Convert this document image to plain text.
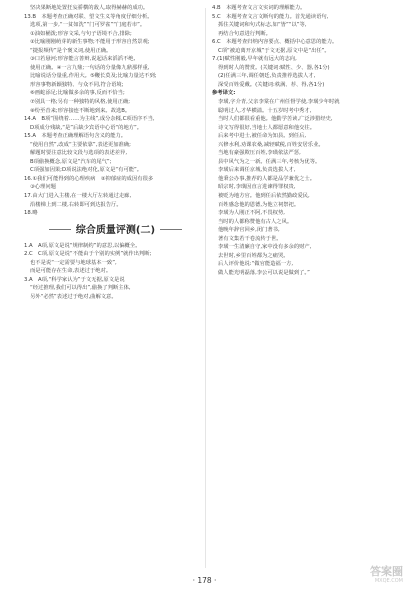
坚决果断地处置狂妄骄横的敌人,取得赫赫的成功。

13.B　本题考查正确对联、望文生义等角度仔细分析。

选项,第一步,“一贫如洗”“门可罗雀”“门庭若市”。

①油如桶泼;形容文采,与句子语境不合,排除;

②比喻刚刚萌芽的新生事物;不能用于形容自然景观;

“捷报频传”是个褒义词,使用正确。

③口若悬河;形容能言善辩,说起话来滔滔不绝,

使用正确。④一言九鼎;一句话的分量像九鼎那样重,

比喻说话分量重,作用大。⑤鞭长莫及;比喻力量达不到;

形容事物新颖独特、与众不同,符合语境;

⑥画蛇添足;比喻做多余的事,反而不恰当;

⑦别具一格;另有一种独特的风格,使用正确;

⑧纷至沓来;形容接连不断地到来。故选B。

14.A　B项“围绕着……为主线”,成分杂糅,C项语序不当,

D项成分残缺,“是”后缺少宾语中心语“的地方”。

15.A　本题考查正确理解语句含义的能力。

“使用自然”,改成“主要依靠”,表述更加准确;

解题时要注意比较文段与选项的表述差异,

B项偷换概念,原文是“汽车的尾气”;

C项强加因果;D项说法绝对化,原文是“有可能”。

16.①我们可能得到的心理疾病　②抑郁症的成因有很多

③心理问题

17.由大门进入主楼,在一楼大厅左转通过走廊,

沿楼梯上到二楼,右转即可到达报告厅。

18.略

综合质量评测(二)

1.A　A项,原文是说“规律制约”的意思,以偏概全。

2.C　C项,原文是说“不能由于个别的实例”就作出判断;

也不是说“一定需要与地球基本一致”,

而是可能存在生命,表述过于绝对。

3.A　A项,“科学家认为”于文无据,原文是说

“经过推理,我们可以得出”,偷换了判断主体,

另外“必然”表述过于绝对,曲解文意。

4.B　本题考查文言文实词的理解能力。

5.C　本题考查文言文断句的能力。首先通读语句,

抓住关键词和句式标志,如“皆”“以”等,

再结合句意进行判断。

6.C　本题考查归纳内容要点、概括中心意思的能力。

C项“被迫离开京城”于文无据,原文中是“出任”。

7.(1)赋性刚毅,早年就有远大的志向,

得到时人的赞赏。(关键词:赋性、少、器,各1分)

(2)任满三年,调任朝廷,负责推荐选拔人才,

深受百姓爱戴。(关键词:秩满、荐、得,各1分)

参考译文:

李璜,字介青,父亲李棠在广州任督学使,李璜少年时就

聪明过人,才华横溢。十五岁时考中秀才,

当时人们都很看重他。他勤学苦读,广泛涉猎经史,

诗文写得很好,当地士人都愿意和他交往。

后来考中进士,被任命为知县。到任后,

兴修水利,劝课农桑,减轻赋税,百姓安居乐业。

当地有豪强欺压百姓,李璜依法严惩,

县中风气为之一新。任满三年,考核为优等。

李璜后来调任京城,负责选拔人才,

他秉公办事,推荐的人都是品学兼优之士。

昭宗时,李璜因直言进谏得罪权贵,

被贬为地方官。他到任后依然勤政爱民,

百姓感念他的恩德,为他立祠祭祀。

李璜为人刚正不阿,不畏权势,

当时的人都称赞他有古人之风。

他晚年辞官回乡,闭门著书,

著有文集若干卷流传于世。

李璜一生清廉自守,家中没有多余的财产,

去世时,乡里百姓都为之痛哭。

后人评价他说:“做官能造福一方,

做人能光明磊落,李公可以说是做到了。”

· 178 ·
答案圈
MXQE.COM
